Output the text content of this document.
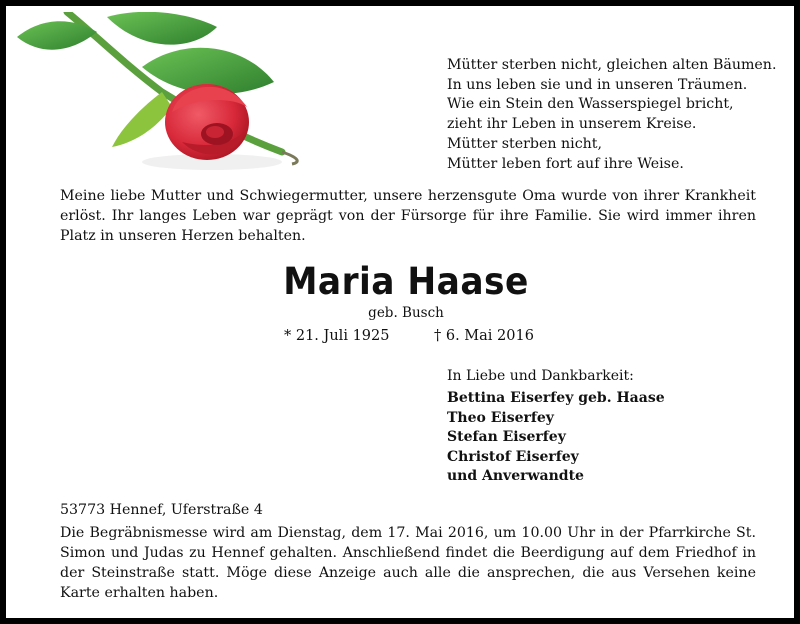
Mütter sterben nicht, gleichen alten Bäumen.
In uns leben sie und in unseren Träumen.
Wie ein Stein den Wasserspiegel bricht,
zieht ihr Leben in unserem Kreise.
Mütter sterben nicht,
Mütter leben fort auf ihre Weise.
Meine liebe Mutter und Schwiegermutter, unsere herzensgute Oma wurde von ihrer Krankheit erlöst. Ihr langes Leben war geprägt von der Fürsorge für ihre Familie. Sie wird immer ihren Platz in unseren Herzen behalten.
Maria Haase
geb. Busch
* 21. Juli 1925	† 6. Mai 2016
In Liebe und Dankbarkeit:
Bettina Eiserfey geb. Haase
Theo Eiserfey
Stefan Eiserfey
Christof Eiserfey
und Anverwandte
53773 Hennef, Uferstraße 4
Die Begräbnismesse wird am Dienstag, dem 17. Mai 2016, um 10.00 Uhr in der Pfarrkirche St. Simon und Judas zu Hennef gehalten. Anschließend findet die Beerdigung auf dem Friedhof in der Steinstraße statt. Möge diese Anzeige auch alle die ansprechen, die aus Versehen keine Karte erhalten haben.
